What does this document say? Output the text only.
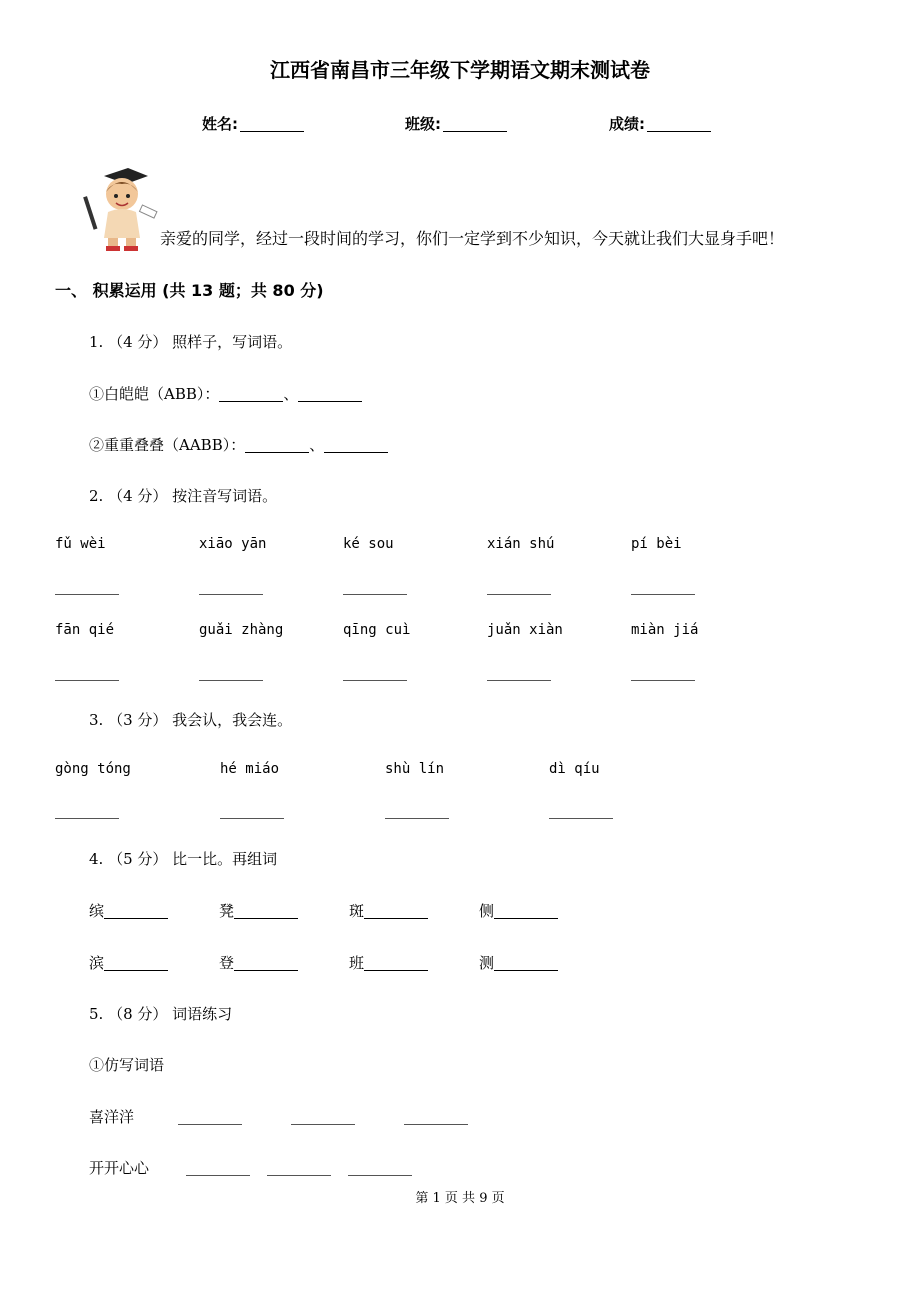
江西省南昌市三年级下学期语文期末测试卷
姓名:	班级:	成绩:
亲爱的同学，经过一段时间的学习，你们一定学到不少知识，今天就让我们大显身手吧！
一、 积累运用 (共 13 题；共 80 分)
1. （4 分） 照样子，写词语。
①白皑皑（ABB）：	、
②重重叠叠（AABB）：	、
2. （4 分） 按注音写词语。
fǔ wèi	xiāo yān	ké sou	xián shú	pí bèi
fān qié	guǎi zhàng	qīng cuì	juǎn xiàn	miàn jiá
3. （3 分） 我会认，我会连。
gòng tóng	hé miáo	shù lín	dì qíu
4. （5 分） 比一比。再组词
缤	凳	斑	侧
滨	登	班	测
5. （8 分） 词语练习
①仿写词语
喜洋洋
开开心心
第 1 页 共 9 页
